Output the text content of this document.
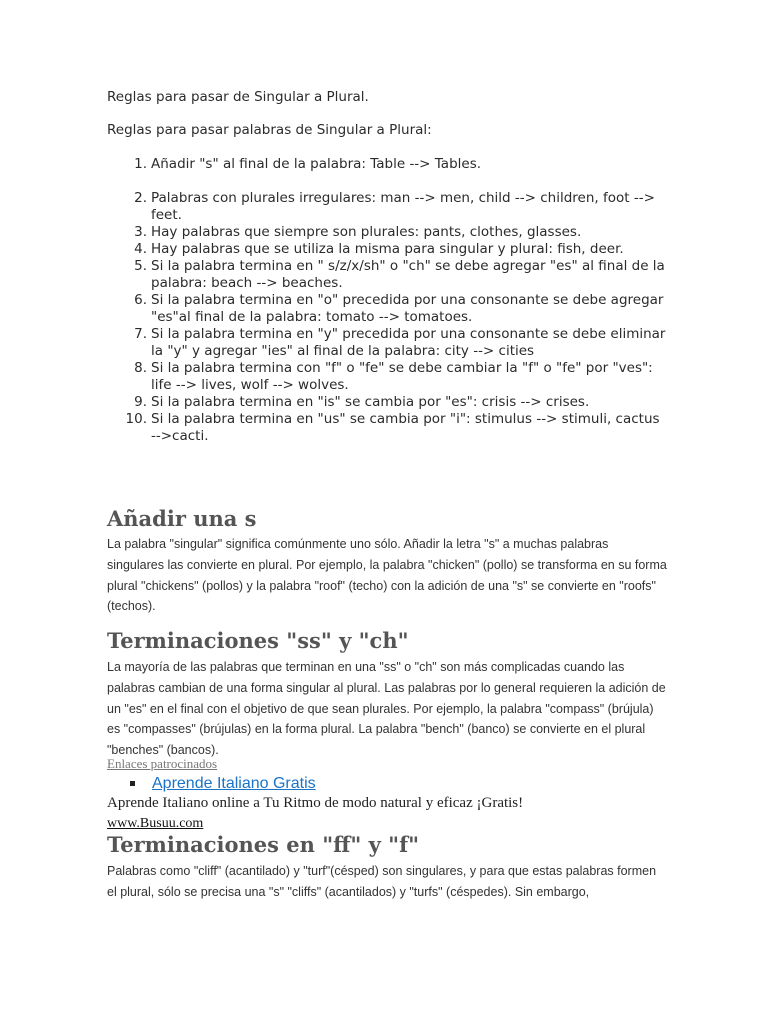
Reglas para pasar de Singular a Plural.

Reglas para pasar palabras de Singular a Plural:

1. Añadir "s" al final de la palabra: Table --> Tables.
2. Palabras con plurales irregulares: man --> men, child --> children, foot --> feet.
3. Hay palabras que siempre son plurales: pants, clothes, glasses.
4. Hay palabras que se utiliza la misma para singular y plural: fish, deer.
5. Si la palabra termina en " s/z/x/sh" o "ch" se debe agregar "es" al final de la palabra: beach --> beaches.
6. Si la palabra termina en "o" precedida por una consonante se debe agregar "es"al final de la palabra: tomato --> tomatoes.
7. Si la palabra termina en "y" precedida por una consonante se debe eliminar la "y" y agregar "ies" al final de la palabra: city --> cities
8. Si la palabra termina con "f" o "fe" se debe cambiar la "f" o "fe" por "ves": life --> lives, wolf --> wolves.
9. Si la palabra termina en "is" se cambia por "es": crisis --> crises.
10. Si la palabra termina en "us" se cambia por "i": stimulus --> stimuli, cactus -->cacti.
Añadir una s

La palabra "singular" significa comúnmente uno sólo. Añadir la letra "s" a muchas palabras singulares las convierte en plural. Por ejemplo, la palabra "chicken" (pollo) se transforma en su forma plural "chickens" (pollos) y la palabra "roof" (techo) con la adición de una "s" se convierte en "roofs" (techos).

Terminaciones "ss" y "ch"

La mayoría de las palabras que terminan en una "ss" o "ch" son más complicadas cuando las palabras cambian de una forma singular al plural. Las palabras por lo general requieren la adición de un "es" en el final con el objetivo de que sean plurales. Por ejemplo, la palabra "compass" (brújula) es "compasses" (brújulas) en la forma plural. La palabra "bench" (banco) se convierte en el plural "benches" (bancos).

Enlaces patrocinados
Aprende Italiano Gratis

Aprende Italiano online a Tu Ritmo de modo natural y eficaz ¡Gratis!

www.Busuu.com
Terminaciones en "ff" y "f"

Palabras como "cliff" (acantilado) y "turf"(césped) son singulares, y para que estas palabras formen el plural, sólo se precisa una "s" "cliffs" (acantilados) y "turfs" (céspedes). Sin embargo,
